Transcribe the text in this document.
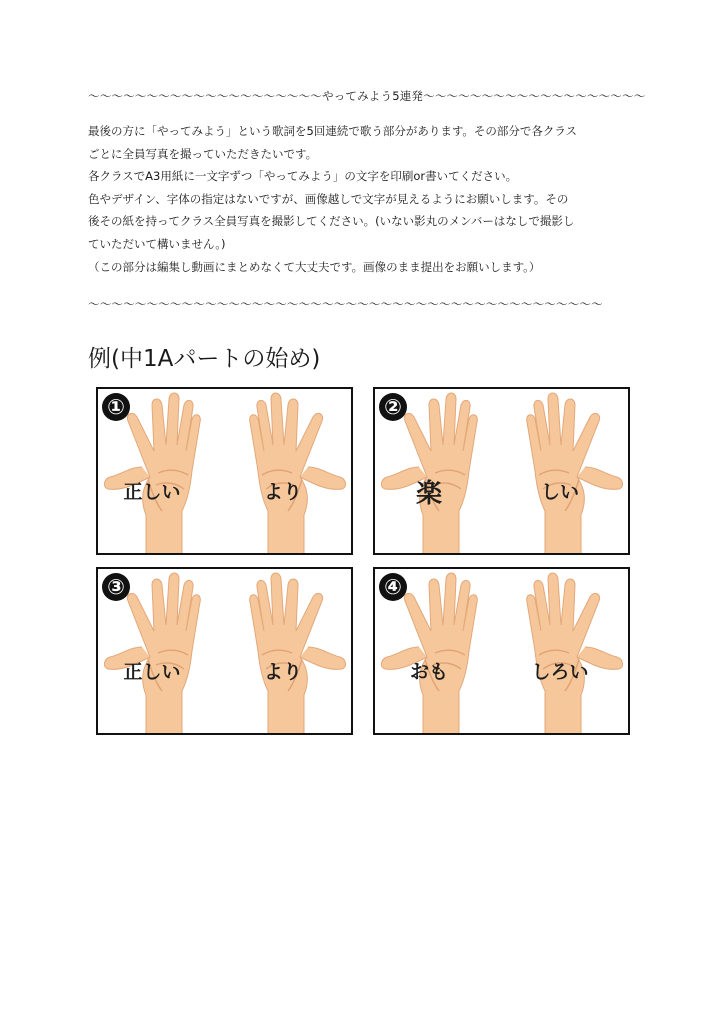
〜〜〜〜〜〜〜〜〜〜〜〜〜〜〜〜〜〜〜〜やってみよう5連発〜〜〜〜〜〜〜〜〜〜〜〜〜〜〜〜〜〜〜
最後の方に「やってみよう」という歌詞を5回連続で歌う部分があります。その部分で各クラス
ごとに全員写真を撮っていただきたいです。
各クラスでA3用紙に一文字ずつ「やってみよう」の文字を印刷or書いてください。
色やデザイン、字体の指定はないですが、画像越しで文字が見えるようにお願いします。その
後その紙を持ってクラス全員写真を撮影してください。(いない影丸のメンバーはなしで撮影し
ていただいて構いません。)
（この部分は編集し動画にまとめなくて大丈夫です。画像のまま提出をお願いします。）
〜〜〜〜〜〜〜〜〜〜〜〜〜〜〜〜〜〜〜〜〜〜〜〜〜〜〜〜〜〜〜〜〜〜〜〜〜〜〜〜〜〜〜〜
例(中1Aパートの始め)
①
正しい	より
②
楽	しい
③
正しい	より
④
おも	しろい
